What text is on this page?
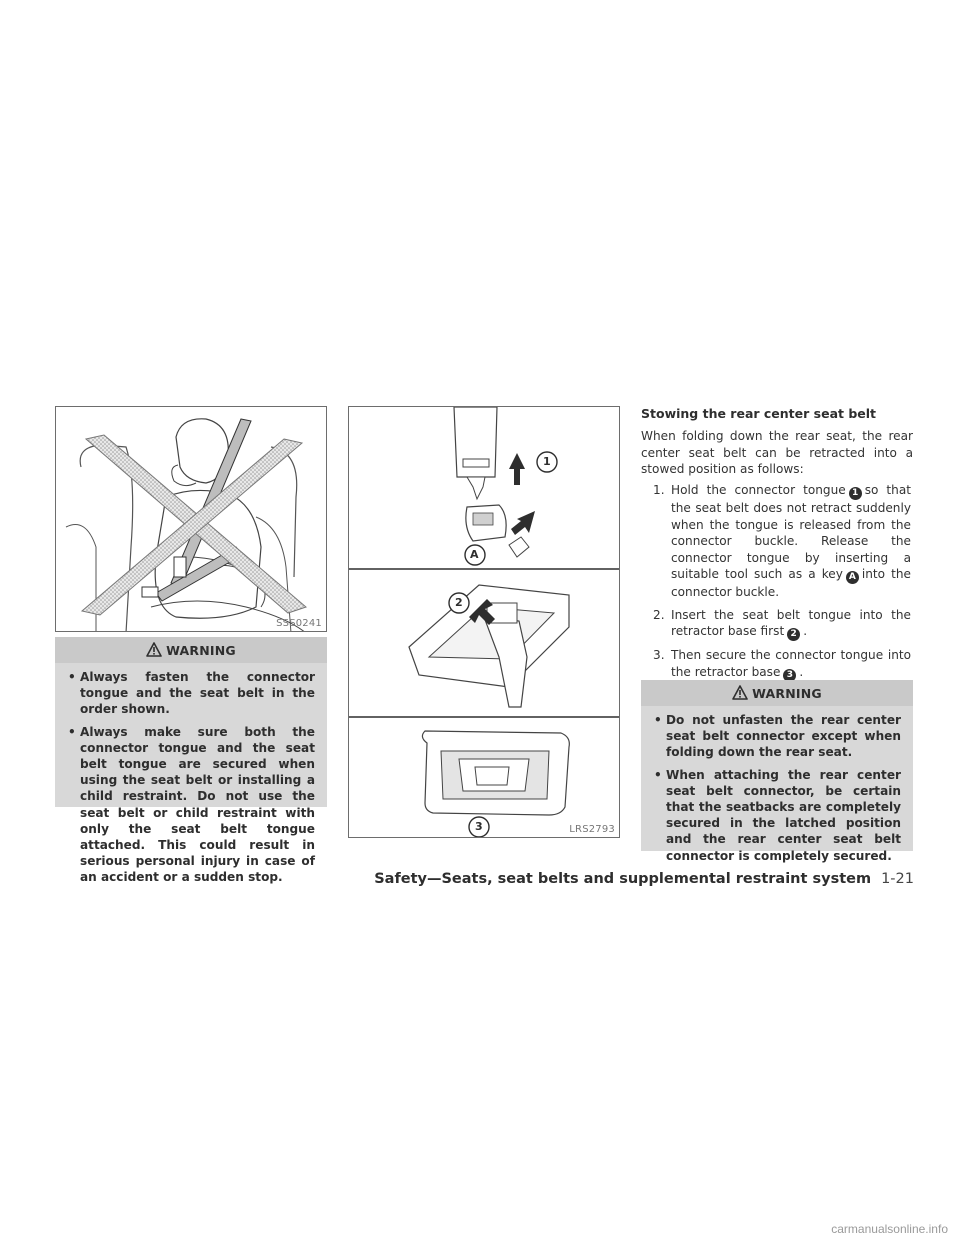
SSS0241
1
A
2
3	LRS2793
WARNING
• Always fasten the connector tongue and the seat belt in the order shown.
• Always make sure both the connector tongue and the seat belt tongue are secured when using the seat belt or installing a child restraint. Do not use the seat belt or child restraint with only the seat belt tongue attached. This could result in serious personal injury in case of an accident or a sudden stop.
Stowing the rear center seat belt

When folding down the rear seat, the rear center seat belt can be retracted into a stowed position as follows:

1. Hold the connector tongue 1 so that the seat belt does not retract suddenly when the tongue is released from the connector buckle. Release the connector tongue by inserting a suitable tool such as a key A into the connector buckle.
2. Insert the seat belt tongue into the retractor base first 2 .
3. Then secure the connector tongue into the retractor base 3 .
WARNING
• Do not unfasten the rear center seat belt connector except when folding down the rear seat.
• When attaching the rear center seat belt connector, be certain that the seatbacks are completely secured in the latched position and the rear center seat belt connector is completely secured.
Safety—Seats, seat belts and supplemental restraint system 1-21
carmanualsonline.info
